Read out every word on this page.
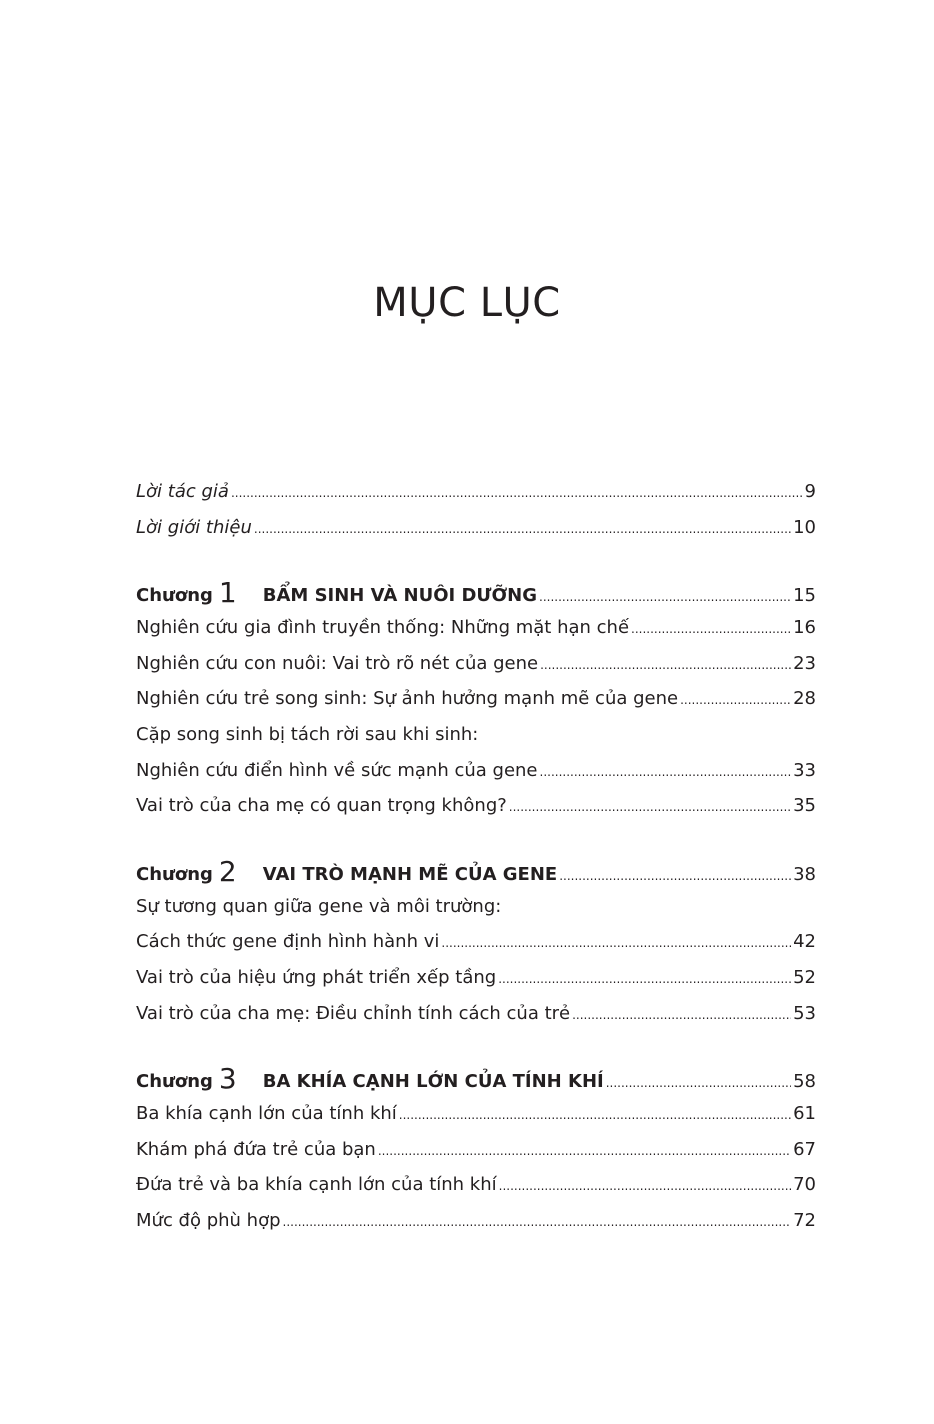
MỤC LỤC
Lời tác giả .....	9
Lời giới thiệu .....	10
Chương 1 BẨM SINH VÀ NUÔI DƯỠNG .....	15
Nghiên cứu gia đình truyền thống: Những mặt hạn chế .....	16
Nghiên cứu con nuôi: Vai trò rõ nét của gene .....	23
Nghiên cứu trẻ song sinh: Sự ảnh hưởng mạnh mẽ của gene .....	28
Cặp song sinh bị tách rời sau khi sinh:
Nghiên cứu điển hình về sức mạnh của gene .....	33
Vai trò của cha mẹ có quan trọng không? .....	35
Chương 2 VAI TRÒ MẠNH MẼ CỦA GENE .....	38
Sự tương quan giữa gene và môi trường:
Cách thức gene định hình hành vi .....	42
Vai trò của hiệu ứng phát triển xếp tầng .....	52
Vai trò của cha mẹ: Điều chỉnh tính cách của trẻ .....	53
Chương 3 BA KHÍA CẠNH LỚN CỦA TÍNH KHÍ .....	58
Ba khía cạnh lớn của tính khí .....	61
Khám phá đứa trẻ của bạn .....	67
Đứa trẻ và ba khía cạnh lớn của tính khí .....	70
Mức độ phù hợp .....	72
